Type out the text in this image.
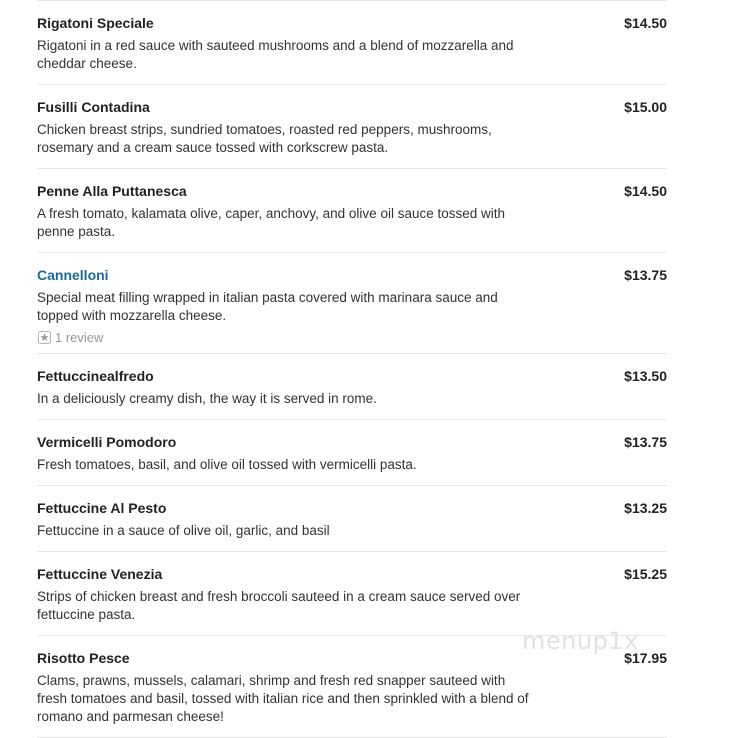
Rigatoni Speciale	$14.50
Rigatoni in a red sauce with sauteed mushrooms and a blend of mozzarella and cheddar cheese.
Fusilli Contadina	$15.00
Chicken breast strips, sundried tomatoes, roasted red peppers, mushrooms, rosemary and a cream sauce tossed with corkscrew pasta.
Penne Alla Puttanesca	$14.50
A fresh tomato, kalamata olive, caper, anchovy, and olive oil sauce tossed with penne pasta.
Cannelloni	$13.75
Special meat filling wrapped in italian pasta covered with marinara sauce and topped with mozzarella cheese.
1 review
Fettuccinealfredo	$13.50
In a deliciously creamy dish, the way it is served in rome.
Vermicelli Pomodoro	$13.75
Fresh tomatoes, basil, and olive oil tossed with vermicelli pasta.
Fettuccine Al Pesto	$13.25
Fettuccine in a sauce of olive oil, garlic, and basil
Fettuccine Venezia	$15.25
Strips of chicken breast and fresh broccoli sauteed in a cream sauce served over fettuccine pasta.
Risotto Pesce	$17.95
Clams, prawns, mussels, calamari, shrimp and fresh red snapper sauteed with fresh tomatoes and basil, tossed with italian rice and then sprinkled with a blend of romano and parmesan cheese!
menup1x
